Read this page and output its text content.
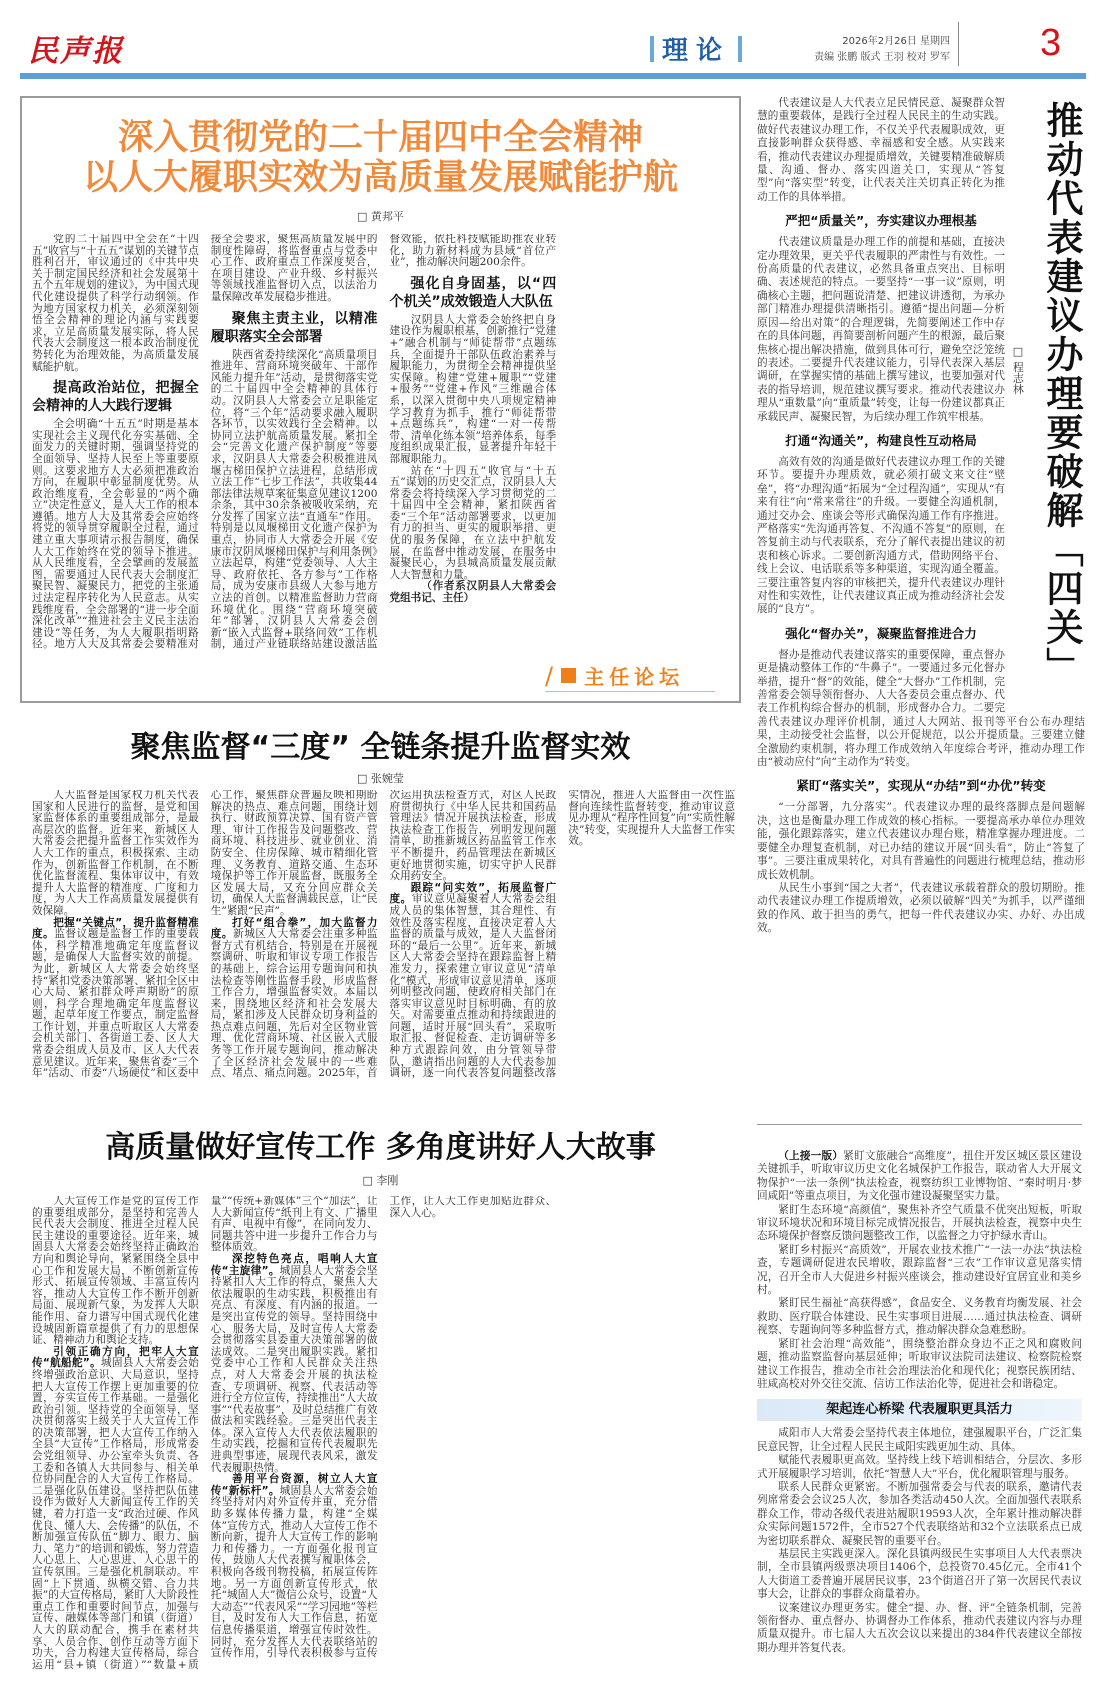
民声报	理论	2026年2月26日 星期四
责编 张鹏 版式 王羽 校对 罗军 3
深入贯彻党的二十届四中全会精神
以人大履职实效为高质量发展赋能护航
□ 黄邦平

党的二十届四中全会在“十四五”收官与“十五五”谋划的关键节点胜利召开，审议通过的《中共中央关于制定国民经济和社会发展第十五个五年规划的建议》，为中国式现代化建设提供了科学行动纲领。作为地方国家权力机关，必须深刻领悟全会精神的理论内涵与实践要求，立足高质量发展实际，将人民代表大会制度这一根本政治制度优势转化为治理效能，为高质量发展赋能护航。

提高政治站位，把握全会精神的人大践行逻辑

全会明确“十五五”时期是基本实现社会主义现代化夯实基础、全面发力的关键时期，强调坚持党的全面领导、坚持人民至上等重要原则。这要求地方人大必须把准政治方向，在履职中彰显制度优势。从政治维度看，全会彰显的“两个确立”决定性意义，是人大工作的根本遵循。地方人大及其常委会应始终将党的领导贯穿履职全过程，通过建立重大事项请示报告制度，确保人大工作始终在党的领导下推进。从人民维度看，全会擘画的发展蓝图，需要通过人民代表大会制度汇聚民智、凝聚民力，把党的主张通过法定程序转化为人民意志。从实践维度看，全会部署的“进一步全面深化改革”“推进社会主义民主法治建设”等任务，为人大履职指明路径。地方人大及其常委会要精准对接全会要求，聚焦高质量发展中的制度性障碍，将监督重点与党委中心工作、政府重点工作深度契合，在项目建设、产业升级、乡村振兴等领域找准监督切入点，以法治力量保障改革发展稳步推进。

聚焦主责主业，以精准履职落实全会部署

陕西省委持续深化“高质量项目推进年、营商环境突破年、干部作风能力提升年”活动，是贯彻落实党的二十届四中全会精神的具体行动。汉阴县人大常委会立足职能定位，将“三个年”活动要求融入履职各环节，以实效践行全会精神。以协同立法护航高质量发展。紧扣全会“完善文化遗产保护制度”等要求，汉阴县人大常委会积极推进凤堰古梯田保护立法进程，总结形成立法工作“七步工作法”，共收集44部法律法规草案征集意见建议1200余条，其中30余条被吸收采纳，充分发挥了国家立法“直通车”作用。特别是以凤堰梯田文化遗产保护为重点，协同市人大常委会开展《安康市汉阴凤堰梯田保护与利用条例》立法起草，构建“党委领导、人大主导、政府依托、各方参与”工作格局，成为安康市县级人大参与地方立法的首创。以精准监督助力营商环境优化。围绕“营商环境突破年”部署，汉阴县人大常委会创新“嵌入式监督+联络问效”工作机制，通过产业链联络站建设激活监督效能，依托科技赋能助推农业转化，助力新材料成为县域“首位产业”，推动解决问题200余件。

强化自身固基，以“四个机关”成效锻造人大队伍

汉阴县人大常委会始终把自身建设作为履职根基，创新推行“党建+”融合机制与“师徒帮带”点题练兵，全面提升干部队伍政治素养与履职能力，为贯彻全会精神提供坚实保障。构建“党建+履职”“党建+服务”“党建+作风”三维融合体系，以深入贯彻中央八项规定精神学习教育为抓手，推行“师徒帮带+点题练兵”，构建“一对一传帮带、清单化练本领”培养体系，每季度组织成果汇报，显著提升年轻干部履职能力。

站在“十四五”收官与“十五五”谋划的历史交汇点，汉阴县人大常委会将持续深入学习贯彻党的二十届四中全会精神，紧扣陕西省委“三个年”活动部署要求，以更加有力的担当、更实的履职举措、更优的服务保障，在立法中护航发展，在监督中推动发展，在服务中凝聚民心，为县城高质量发展贡献人大智慧和力量。

（作者系汉阴县人大常委会党组书记、主任）

/ 主任论坛	推动代表建议办理要破解「四关」
□ 程志林

代表建议是人大代表立足民情民意、凝聚群众智慧的重要载体，是践行全过程人民民主的生动实践。做好代表建议办理工作，不仅关乎代表履职成效，更直接影响群众获得感、幸福感和安全感。从实践来看，推动代表建议办理提质增效，关键要精准破解质量、沟通、督办、落实四道关口，实现从“答复型”向“落实型”转变，让代表关注关切真正转化为推动工作的具体举措。

严把“质量关”，夯实建议办理根基

代表建议质量是办理工作的前提和基础，直接决定办理效果，更关乎代表履职的严肃性与有效性。一份高质量的代表建议，必然具备重点突出、目标明确、表述规范的特点。一要坚持“一事一议”原则，明确核心主题，把问题说清楚、把建议讲透彻，为承办部门精准办理提供清晰指引。遵循“提出问题—分析原因—给出对策”的合理逻辑，先简要阐述工作中存在的具体问题，再简要剖析问题产生的根源，最后聚焦核心提出解决措施，做到具体可行，避免空泛笼统的表述。二要提升代表建议能力，引导代表深入基层调研，在掌握实情的基础上撰写建议，也要加强对代表的指导培训，规范建议撰写要求。推动代表建议办理从“重数量”向“重质量”转变，让每一份建议都真正承载民声、凝聚民智，为后续办理工作筑牢根基。

打通“沟通关”，构建良性互动格局

高效有效的沟通是做好代表建议办理工作的关键环节。要提升办理质效，就必须打破文来文往“壁垒”，将“办理沟通”拓展为“全过程沟通”，实现从“有来有往”向“常来常往”的升级。一要健全沟通机制，通过交办会、座谈会等形式确保沟通工作有序推进。严格落实“先沟通再答复、不沟通不答复”的原则，在答复前主动与代表联系，充分了解代表提出建议的初衷和核心诉求。二要创新沟通方式，借助网络平台、线上会议、电话联系等多种渠道，实现沟通全覆盖。三要注重答复内容的审核把关，提升代表建议办理针对性和实效性，让代表建议真正成为推动经济社会发展的“良方”。

强化“督办关”，凝聚监督推进合力

督办是推动代表建议落实的重要保障，重点督办更是撬动整体工作的“牛鼻子”。一要通过多元化督办举措，提升“督”的效能，健全“大督办”工作机制，完善常委会领导领衔督办、人大各委员会重点督办、代表工作机构综合督办的机制，形成督办合力。二要完善代表建议办理评价机制，通过人大网站、报刊等平台公布办理结果，主动接受社会监督，以公开促规范，以公开提质量。三要建立健全激励约束机制，将办理工作成效纳入年度综合考评，推动办理工作由“被动应付”向“主动作为”转变。

紧盯“落实关”，实现从“办结”到“办优”转变

“一分部署，九分落实”。代表建议办理的最终落脚点是问题解决，这也是衡量办理工作成效的核心指标。一要提高承办单位办理效能，强化跟踪落实，建立代表建议办理台账，精准掌握办理进度。二要健全办理复查机制，对已办结的建议开展“回头看”，防止“答复了事”。三要注重成果转化，对具有普遍性的问题进行梳理总结，推动形成长效机制。

从民生小事到“国之大者”，代表建议承载着群众的殷切期盼。推动代表建议办理工作提质增效，必须以破解“四关”为抓手，以严谨细致的作风、敢于担当的勇气，把每一件代表建议办实、办好、办出成效。

（上接一版）紧盯文旅融合“高维度”，扭住开发区城区景区建设关键抓手，听取审议历史文化名城保护工作报告，联动省人大开展文物保护“一法一条例”执法检查，视察纺织工业博物馆、“秦时明月·梦回咸阳”等重点项目，为文化强市建设凝聚坚实力量。

紧盯生态环境“高颜值”，聚焦补齐空气质量不优突出短板，听取审议环境状况和环境目标完成情况报告，开展执法检查，视察中央生态环境保护督察反馈问题整改工作，以监督之力守护绿水青山。

紧盯乡村振兴“高质效”，开展农业技术推广“一法一办法”执法检查，专题调研促进农民增收，跟踪监督“三农”工作审议意见落实情况，召开全市人大促进乡村振兴座谈会，推动建设好宜居宜业和美乡村。

紧盯民生福祉“高获得感”，食品安全、义务教育均衡发展、社会救助、医疗联合体建设、民生实事项目进展……通过执法检查、调研视察、专题询问等多种监督方式，推动解决群众急难愁盼。

紧盯社会治理“高效能”，围绕整治群众身边不正之风和腐败问题，推动监察监督向基层延伸；听取审议法院司法建议、检察院检察建议工作报告，推动全市社会治理法治化和现代化；视察民族团结、驻咸高校对外交往交流、信访工作法治化等，促进社会和谐稳定。

架起连心桥梁 代表履职更具活力

咸阳市人大常委会坚持代表主体地位，建强履职平台，广泛汇集民意民智，让全过程人民民主咸阳实践更加生动、具体。

赋能代表履职更高效。坚持线上线下培训相结合，分层次、多形式开展履职学习培训，依托“智慧人大”平台，优化履职管理与服务。

联系人民群众更紧密。不断加强常委会与代表的联系，邀请代表列席常委会会议25人次，参加各类活动450人次。全面加强代表联系群众工作，带动各级代表进站履职19593人次，全年累计推动解决群众实际问题1572件，全市527个代表联络站和32个立法联系点已成为密切联系群众、凝聚民智的重要平台。

基层民主实践更深入。深化县镇两级民生实事项目人大代表票决制，全市县镇两级票决项目1406个，总投资70.45亿元。全市41个人大街道工委普遍开展居民议事，23个街道召开了第一次居民代表议事大会，让群众的事群众商量着办。

议案建议办理更务实。健全“提、办、督、评”全链条机制，完善领衔督办、重点督办、协调督办工作体系，推动代表建议内容与办理质量双提升。市七届人大五次会议以来提出的384件代表建议全部按期办理并答复代表。

聚焦监督“三度” 全链条提升监督实效
□ 张婉莹

人大监督是国家权力机关代表国家和人民进行的监督，是党和国家监督体系的重要组成部分，是最高层次的监督。近年来，新城区人大常委会把提升监督工作实效作为人大工作的重点，积极探索、主动作为，创新监督工作机制，在不断优化监督流程、集体审议中，有效提升人大监督的精准度、广度和力度，为人大工作高质量发展提供有效保障。

把握“关键点”，提升监督精准度。监督议题是监督工作的重要载体，科学精准地确定年度监督议题，是确保人大监督实效的前提。为此，新城区人大常委会始终坚持“紧扣党委决策部署、紧扣全区中心大局、紧扣群众呼声期盼”的原则，科学合理地确定年度监督议题，起草年度工作要点，制定监督工作计划，并重点听取区人大常委会机关部门、各街道工委、区人大常委会组成人员及市、区人大代表意见建议。近年来，聚焦省委“三个年”活动、市委“八场硬仗”和区委中心工作，聚焦群众普遍反映和期盼解决的热点、难点问题，围绕计划执行、财政预算决算、国有资产管理、审计工作报告及问题整改、营商环境、科技进步、就业创业、消防安全、住房保障、城市精细化管理、义务教育、道路交通、生态环境保护等工作开展监督，既服务全区发展大局，又充分回应群众关切，确保人大监督满载民意，让“民生”紧跟“民声”。

打好“组合拳”，加大监督力度。新城区人大常委会注重多种监督方式有机结合，特别是在开展视察调研、听取和审议专项工作报告的基础上，综合运用专题询问和执法检查等刚性监督手段，形成监督工作合力，增强监督实效。本届以来，围绕地区经济和社会发展大局，紧扣涉及人民群众切身利益的热点难点问题，先后对全区物业管理、优化营商环境、社区嵌入式服务等工作开展专题询问，推动解决了全区经济社会发展中的一些难点、堵点、痛点问题。2025年，首次运用执法检查方式，对区人民政府贯彻执行《中华人民共和国药品管理法》情况开展执法检查，形成执法检查工作报告，列明发现问题清单，助推新城区药品监管工作水平不断提升，药品管理法在新城区更好地贯彻实施，切实守护人民群众用药安全。

跟踪“问实效”，拓展监督广度。审议意见凝聚着人大常委会组成人员的集体智慧，其合理性、有效性及落实程度，直接决定着人大监督的质量与成效，是人大监督闭环的“最后一公里”。近年来，新城区人大常委会坚持在跟踪监督上精准发力，探索建立审议意见“清单化”模式，形成审议意见清单，逐项列明整改问题，使政府相关部门在落实审议意见时目标明确、有的放矢。对需要重点推动和持续跟进的问题，适时开展“回头看”，采取听取汇报、督促检查、走访调研等多种方式跟踪问效，由分管领导带队，邀请指出问题的人大代表参加调研，逐一向代表答复问题整改落实情况，推进人大监督由一次性监督向连续性监督转变，推动审议意见办理从“程序性回复”向“实质性解决”转变，实现提升人大监督工作实效。

高质量做好宣传工作 多角度讲好人大故事
□ 李刚

人大宣传工作是党的宣传工作的重要组成部分，是坚持和完善人民代表大会制度、推进全过程人民民主建设的重要途径。近年来，城固县人大常委会始终坚持正确政治方向和舆论导向，紧紧围绕全县中心工作和发展大局，不断创新宣传形式、拓展宣传领域、丰富宣传内容，推动人大宣传工作不断开创新局面、展现新气象，为发挥人大职能作用、奋力谱写中国式现代化建设城固新篇章提供了有力的思想保证、精神动力和舆论支持。

引领正确方向，把牢人大宣传“航船舵”。城固县人大常委会始终增强政治意识、大局意识，坚持把人大宣传工作摆上更加重要的位置，夯实宣传工作基础。一是强化政治引领。坚持党的全面领导，坚决贯彻落实上级关于人大宣传工作的决策部署，把人大宣传工作纳入全县“大宣传”工作格局，形成常委会党组领导、办公室牵头负责、各工委和各镇人大共同参与、相关单位协同配合的人大宣传工作格局。二是强化队伍建设。坚持把队伍建设作为做好人大新闻宣传工作的关键，着力打造一支“政治过硬、作风优良、懂人大、会传播”的队伍，不断加强宣传队伍“脚力、眼力、脑力、笔力”的培训和锻炼，努力营造人心思上、人心思进、人心思干的宣传氛围。三是强化机制联动。牢固“上下贯通、纵横交错、合力共振”的大宣传格局，紧盯人大阶段性重点工作和重要时间节点，加强与宣传、融媒体等部门和镇（街道）人大的联动配合，携手在素材共享、人员合作、创作互动等方面下功夫，合力构建大宣传格局，综合运用“县+镇（街道）”“数量+质量”“传统+新媒体”三个“加法”，让人大新闻宣传“纸刊上有文、广播里有声、电视中有像”，在同向发力、同题共答中进一步提升工作合力与整体质效。

深挖特色亮点，唱响人大宣传“主旋律”。城固县人大常委会坚持紧扣人大工作的特点，聚焦人大依法履职的生动实践，积极推出有亮点、有深度、有内涵的报道。一是突出宣传党的领导。坚持围绕中心、服务大局，及时宣传人大常委会贯彻落实县委重大决策部署的做法成效。二是突出履职实践。紧扣党委中心工作和人民群众关注热点，对人大常委会开展的执法检查、专项调研、视察、代表活动等进行全方位宣传，持续推出“人大故事”“代表故事”，及时总结推广有效做法和实践经验。三是突出代表主体。深入宣传人大代表依法履职的生动实践，挖掘和宣传代表履职先进典型事迹，展现代表风采，激发代表履职热情。

善用平台资源，树立人大宣传“新标杆”。城固县人大常委会始终坚持对内对外宣传并重，充分借助多媒体传播力量，构建“全媒体”宣传方式，推动人大宣传工作不断向新，提升人大宣传工作的影响力和传播力。一方面强化报刊宣传，鼓励人大代表撰写履职体会，积极向各级刊物投稿，拓展宣传阵地。另一方面创新宣传形式，依托“城固人大”微信公众号，设置“人大动态”“代表风采”“学习园地”等栏目，及时发布人大工作信息，拓宽信息传播渠道，增强宣传时效性。同时，充分发挥人大代表联络站的宣传作用，引导代表积极参与宣传工作，让人大工作更加贴近群众、深入人心。
